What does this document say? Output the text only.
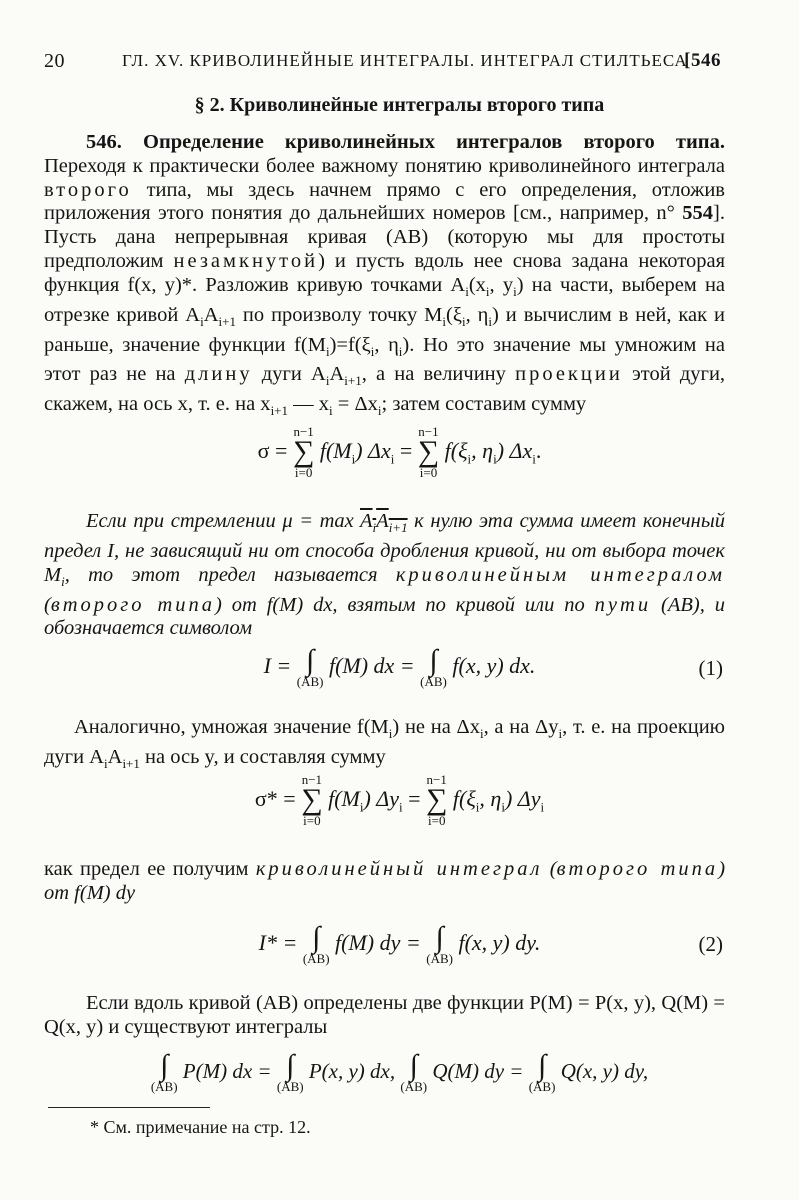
20	ГЛ. XV. КРИВОЛИНЕЙНЫЕ ИНТЕГРАЛЫ. ИНТЕГРАЛ СТИЛТЬЕСА
[546
§ 2. Криволинейные интегралы второго типа
546. Определение криволинейных интегралов второго типа. Переходя к практически более важному понятию криволинейного интеграла второго типа, мы здесь начнем прямо с его определения, отложив приложения этого понятия до дальнейших номеров [см., например, n° 554]. Пусть дана непрерывная кривая (AB) (которую мы для простоты предположим незамкнутой) и пусть вдоль нее снова задана некоторая функция f(x, y)*. Разложив кривую точками $A_i(x_i$, $y_i$) на части, выберем на отрезке кривой $A_iA_{i+1}$ по произволу точку $M_i(\xi_i$, $\eta_i$) и вычислим в ней, как и раньше, значение функции $f(M_i)=f(\xi_i$, $\eta_i$). Но это значение мы умножим на этот раз не на длину дуги $A_iA_{i+1}$, а на величину проекции этой дуги, скажем, на ось x, т. е. на $x_{i+1}$ — $x_i = \Delta x_i$; затем составим сумму
σ =
n−1
∑
i=0
$f(M_i) \Delta x_i$ =
n−1
∑
i=0
$f(\xi_i$, $\eta_i$) $\Delta x_i$.
Если при стремлении $\mu = \max A_iA_{i+1}$ к нулю эта сумма имеет конечный предел I, не зависящий ни от способа дробления кривой, ни от выбора точек $M_i$, то этот предел называется криволинейным интегралом (второго типа) от f(M) dx, взятым по кривой или по пути (AB), и обозначается символом
I = ∫
(AB)
f(M) dx = ∫
(AB)
f(x, y) dx.	(1)
Аналогично, умножая значение $f(M_i)$ не на $\Delta x_i$, а на $\Delta y_i$, т. е. на проекцию дуги $A_iA_{i+1}$ на ось y, и составляя сумму
σ* =
n−1
∑
i=0
$f(M_i) \Delta y_i$ =
n−1
∑
i=0
$f(\xi_i$, $\eta_i$) $\Delta y_i$
как предел ее получим криволинейный интеграл (второго типа) от f(M) dy
I* = ∫
(AB)
f(M) dy = ∫
(AB)
f(x, y) dy.	(2)
Если вдоль кривой (AB) определены две функции P(M) = P(x, y), Q(M) = Q(x, y) и существуют интегралы
∫
(AB)
P(M) dx = ∫
(AB)
P(x, y) dx, ∫
(AB)
Q(M) dy = ∫
(AB)
Q(x, y) dy,
* См. примечание на стр. 12.
